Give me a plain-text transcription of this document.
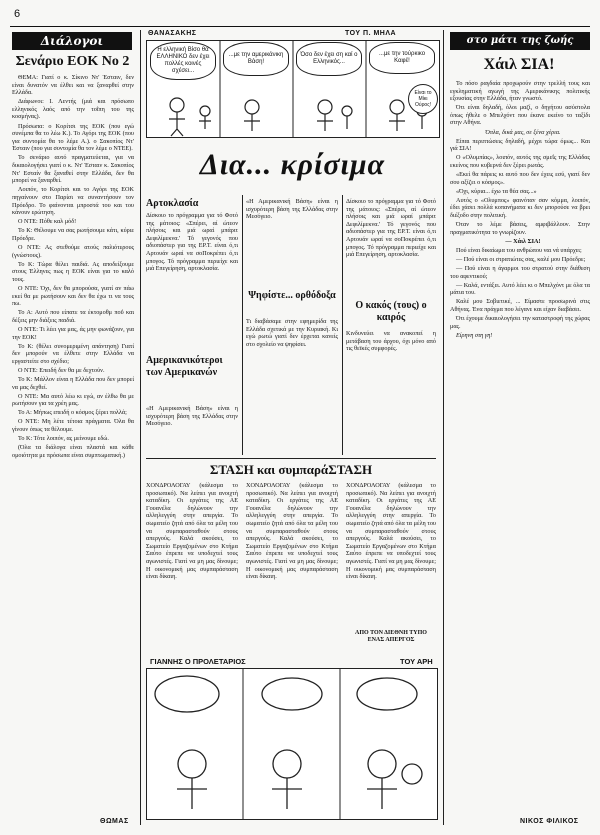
6
Διάλογοι
Σενάριο ΕΟΚ Νο 2

ΘΕΜΑ: Γιατί ο κ. Σίκινο Ντ' Έσταιν, δεν είναι δυνατόν να έλθει και να ξαναρθεί στην Ελλάδα.

Διάφωνοι: Ι. Λεντής (μιά και πρόσωπο ελληνικός λαός από την τοΐπη του της κοσμήνας).

Πρόσωπα: ο Κορίτσι της ΕΟΚ (που εγώ συνέμπα θα το λέω Κ.). Το Αγόρι της ΕΟΚ (που για συντομία θα το λέμε Α.). ο Σακοπίος Ντ' Έσταιν (που για συντομία θα τον λέμε ο ΝΤΕΕ).

Το σενάριο αυτό πραγματεύεται, για να δικαιολογήσει γιατί ο κ. Ντ' Έσταιν κ. Σακοπίος Ντ' Εσταίν θα ξαναθεί στην Ελλάδα, δεν θα μπορεί να ξαναρθεί.

Λοιπόν, το Κορίτσι και το Αγόρι της ΕΟΚ πηγαίνουν στο Παρίσι να συναντήσουν τον Πρόεδρο. Το φαίνονται μπροστά του και του κάνουν ερώτηση.

Ο ΝΤΕ: Πόθε καλ μόδ!

Το Κ: Θέλουμε να σας ρωτήσουμε κάτι, κύριε Πρόεδρε.

Ο ΝΤΕ: Ας στεθούμε ατούς παλιότερους (γνώστους).

Το Κ: Τώρα θέλει παιδιά. Ας αποδείξουμε στους Έλληνες πως η ΕΟΚ είναι για το καλό τους.

Ο ΝΤΕ: Όχι, δεν θα μπορούσα, γιατί αν πάω εκεί θα με ρωτήσουν και δεν θα έχω τι να τους πω.

Το Α: Αυτό που είπατε τα έκτομοθμ ποΰ και δέξεις μην διάξεις παιδιά.

Ο ΝΤΕ: Τι λέει για μας, άς μην φωνάζουν, για την ΕΟΚ!

Το Κ: (θέλει συνομεριμένη απάντηση) Γιατί δεν μπορούν να έλθετε στην Ελλάδα να εργαστείτε στο σχέδιο;

Ο ΝΤΕ: Επειδή δεν θα με δεχτούν.

Το Κ: Μάλλον είναι η Ελλάδα που δεν μπορεί να μας δεχθεί.

Ο ΝΤΕ: Μα αυτό λέω κι εγώ, αν έλθω θα με ρωτήσουν για τα χρέη μας.

Το Α: Μήπως επειδή ο κόσμος ξέρει πολλά;

Ο ΝΤΕ: Μη λέτε τέτοια πράγματα. Όλα θα γίνουν όπως τα θέλουμε.

Το Κ: Τότε λοιπόν, ας μείνουμε εδώ.

(Όλα τα διάλογα είναι πλαστά και κάθε ομοιότητα με πρόσωπα είναι συμπτωματική.)

ΘΩΜΑΣ
ΘΑΝΑΣΑΚΗΣ	ΤΟΥ Π. ΜΗΛΑ
Η ελληνική Βίσο θα ΕΛΛΗΝΙΚΟ δεν έχει πολλές κοινές σχέσει...
...με την αμερικάνικη Βάση!
Όσο δεν έχει ση καί ο Ελληνικός...
...με την τούρκικο Καφέ!
Είναι το Μίκι Ούρος!
Δια... κρίσιμα
Αρτοκλασία
Δίσκοιο το πρόγραμμα για τό Φοτό της μάτοιος: «Σπέρει, αί ώτεον πλήσοις και μιά ωραί μπάριτ Δεφιλίμεκνα.' Τό γεγονός που αδιοπάστερ για της ΕΡ.Τ. είναι ό,τι Αρτουάν ωραί να σοΠοκρέπει ό,τι μπογος. Τό πρόγραμμα περιείχε και μιά Επεγείρηση, αρτοκλασία.
«Η Αμερικανική Βάση» είναι η ισχυρότερη βάση της Ελλάδας στην Μεσόγειο.
Ψηφίστε... ορθόδοξα
Τι διαβάσαμε στην εφημερίδα της Ελλάδα σχετικά με την Κυριακή. Κι εγώ ρωτώ γιατί δεν έρχεται κανείς στο σχολείο να ψηφίσει.
Δίσκοιο το πρόγραμμα για τό Φοτό της μάτοιος: «Σπέρει, αί ώτεον πλήσοις και μιά ωραί μπάριτ Δεφιλίμεκνα.' Τό γεγονός που αδιοπάστερ για της ΕΡ.Τ. είναι ό,τι Αρτουάν ωραί να σοΠοκρέπει ό,τι μπογος. Τό πρόγραμμα περιείχε και μιά Επεγείρηση, αρτοκλασία.
Ο κακός (τους) ο καιρός
Κινδυνεύει να ανακοπεί η μετάβαση του άρχου, όχι μόνο από τις θεϊκές συμφορές.
Αμερικανικότεροι των Αμερικανών
«Η Αμερικανική Βάση» είναι η ισχυρότερη βάση της Ελλάδας στην Μεσόγειο.
ΣΤΑΣΗ και συμπαράΣΤΑΣΗ
ΧΟΝΔΡΟΛΟΓΑΥ (κάλεσμα το προσωπικό). Να λείπει για ανοιχτή καταδίκη. Οι εργάτες της ΑΕ Γουανέλα δηλώνουν την αλληλεγγύη στην απεργία. Το σωματείο ζητά από όλα τα μέλη του να συμπαρασταθούν στους απεργούς. Καλά ακούσει, το Σωματείο Εργαζομένων στο Κτήμα Σαύτο έπρεπε να υποδεχτεί τους αγωνιστές. Γιατί να μη μας δίνουμε; Η οικονομική μας συμπαράσταση είναι δίκαιη.
ΧΟΝΔΡΟΛΟΓΑΥ (κάλεσμα το προσωπικό). Να λείπει για ανοιχτή καταδίκη. Οι εργάτες της ΑΕ Γουανέλα δηλώνουν την αλληλεγγύη στην απεργία. Το σωματείο ζητά από όλα τα μέλη του να συμπαρασταθούν στους απεργούς. Καλά ακούσει, το Σωματείο Εργαζομένων στο Κτήμα Σαύτο έπρεπε να υποδεχτεί τους αγωνιστές. Γιατί να μη μας δίνουμε; Η οικονομική μας συμπαράσταση είναι δίκαιη.
ΧΟΝΔΡΟΛΟΓΑΥ (κάλεσμα το προσωπικό). Να λείπει για ανοιχτή καταδίκη. Οι εργάτες της ΑΕ Γουανέλα δηλώνουν την αλληλεγγύη στην απεργία. Το σωματείο ζητά από όλα τα μέλη του να συμπαρασταθούν στους απεργούς. Καλά ακούσει, το Σωματείο Εργαζομένων στο Κτήμα Σαύτο έπρεπε να υποδεχτεί τους αγωνιστές. Γιατί να μη μας δίνουμε; Η οικονομική μας συμπαράσταση είναι δίκαιη.
ΑΠΟ ΤΟΝ ΔΙΕΘΝΗ ΤΥΠΟ ΕΝΑΣ ΑΠΕΡΓΟΣ
ΓΙΑΝΝΗΣ Ο ΠΡΟΛΕΤΑΡΙΟΣ	ΤΟΥ ΑΡΗ
στο μάτι της ζωής
Χάιλ ΣΙΑ!

Το πόσο ραγδαία προχωρούν στην τρελλή τους και εγκληματική αγωγή της Αμερικάνικης πολιτικής εξουσίας στην Ελλάδα, ήταν γνωστό.

Ότι είναι δηλαδή, όλοι μαζί, ο δηγήτου ασύστολα όπως ήθελε ο Μπελχόντ που έκανε εκείνο το ταξίδι στην Αθήνα.

Όπλα, δικά μας, σε ξένα χέρια.

Είπαι περιπτώσεις δηλαδή, μέχρι τώρα όμως... Και γιά ΣΙΑ!

Ο «Ολυμπίας», λοιπόν, αυτός της σμεΐς της Ελλάδας εκείνος που κυβερνά δεν ξέρει ρωτάς.

«Εκεί θα πάρεις κι αυτό που δεν έχεις εσύ, γιατί δεν σου αξίζει ο κόσμος».

«Όχι, κύρια... έχω τα θέα σας...»

Αυτός ο «Ολυμπος» φαινόταν σαν κόμμα, λοιπόν, έδει χάσει πολλά κοπανήματα κι δεν μπορούσε να βρει διέξοδο στην πολιτική.

Όταν το λέμε βάσεις, αμφιβάλλουν. Στην πραγματικότητα το γνωρίζουν.

— Χάιλ ΣΙΑ!

Πού είναι δικαίωμα του ανθρώπου ναι νά υπάρχει;

— Πού είναι οι στρατιώτες σας, καλέ μου Πρόεδρε;

— Πού είναι η άγαρμοι του στρατού στην διάθεση του αφεντικού;

— Καλά, εντάξει. Αυτό λέει κι ο Μπελχόντ με όλα τα μάτια του.

Καλέ μου Σοβιετικέ, ... Είμαστε προσωρινά στις Αθήνας. Ένα πράγμα που λέγανε και είχαν διαβάσει.

Ότι έχουμε δικαιολογήσει την καταστροφή της χώρας μας.

Είρηνη στη γη!

ΝΙΚΟΣ ΦΙΛΙΚΟΣ
